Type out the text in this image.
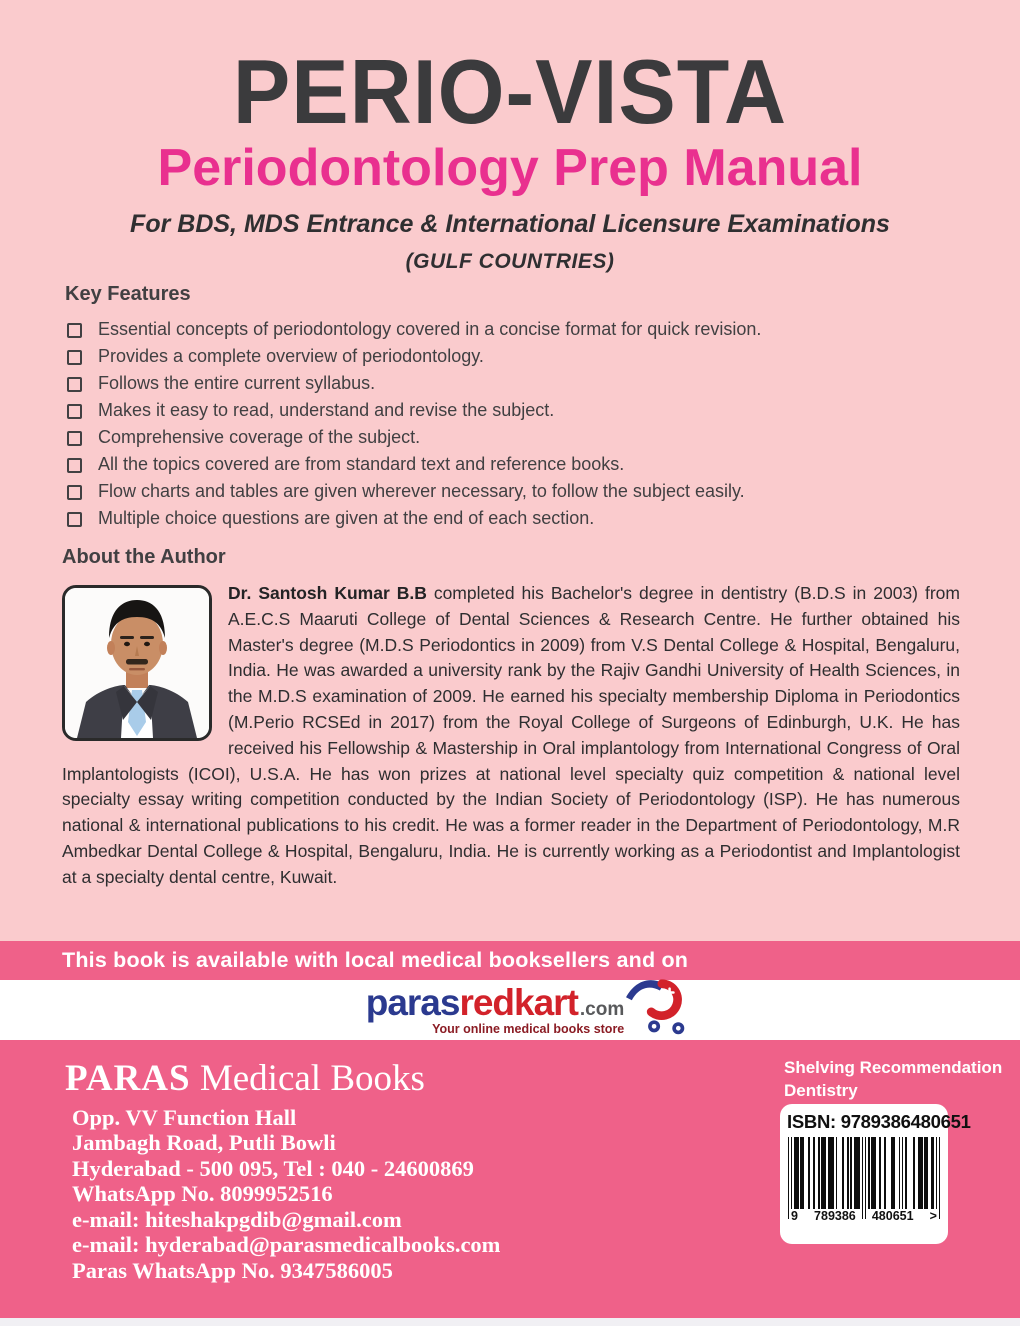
PERIO-VISTA
Periodontology Prep Manual
For BDS, MDS Entrance & International Licensure Examinations
(GULF COUNTRIES)
Key Features
Essential concepts of periodontology covered in a concise format for quick revision.
Provides a complete overview of periodontology.
Follows the entire current syllabus.
Makes it easy to read, understand and revise the subject.
Comprehensive coverage of the subject.
All the topics covered are from standard text and reference books.
Flow charts and tables are given wherever necessary, to follow the subject easily.
Multiple choice questions are given at the end of each section.
About the Author

Dr. Santosh Kumar B.B completed his Bachelor's degree in dentistry (B.D.S in 2003) from A.E.C.S Maaruti College of Dental Sciences & Research Centre. He further obtained his Master's degree (M.D.S Periodontics in 2009) from V.S Dental College & Hospital, Bengaluru, India. He was awarded a university rank by the Rajiv Gandhi University of Health Sciences, in the M.D.S examination of 2009. He earned his specialty membership Diploma in Periodontics (M.Perio RCSEd in 2017) from the Royal College of Surgeons of Edinburgh, U.K. He has received his Fellowship & Mastership in Oral implantology from International Congress of Oral Implantologists (ICOI), U.S.A. He has won prizes at national level specialty quiz competition & national level specialty essay writing competition conducted by the Indian Society of Periodontology (ISP). He has numerous national & international publications to his credit. He was a former reader in the Department of Periodontology, M.R Ambedkar Dental College & Hospital, Bengaluru, India. He is currently working as a Periodontist and Implantologist at a specialty dental centre, Kuwait.

This book is available with local medical booksellers and on
paras redkart .com
Your online medical books store
PARAS Medical Books
Opp. VV Function Hall
Jambagh Road, Putli Bowli
Hyderabad - 500 095, Tel : 040 - 24600869
WhatsApp No. 8099952516
e-mail: hiteshakpgdib@gmail.com
e-mail: hyderabad@parasmedicalbooks.com
Paras WhatsApp No. 9347586005
Shelving Recommendation
Dentistry
ISBN: 9789386480651
9 789386 480651 >
